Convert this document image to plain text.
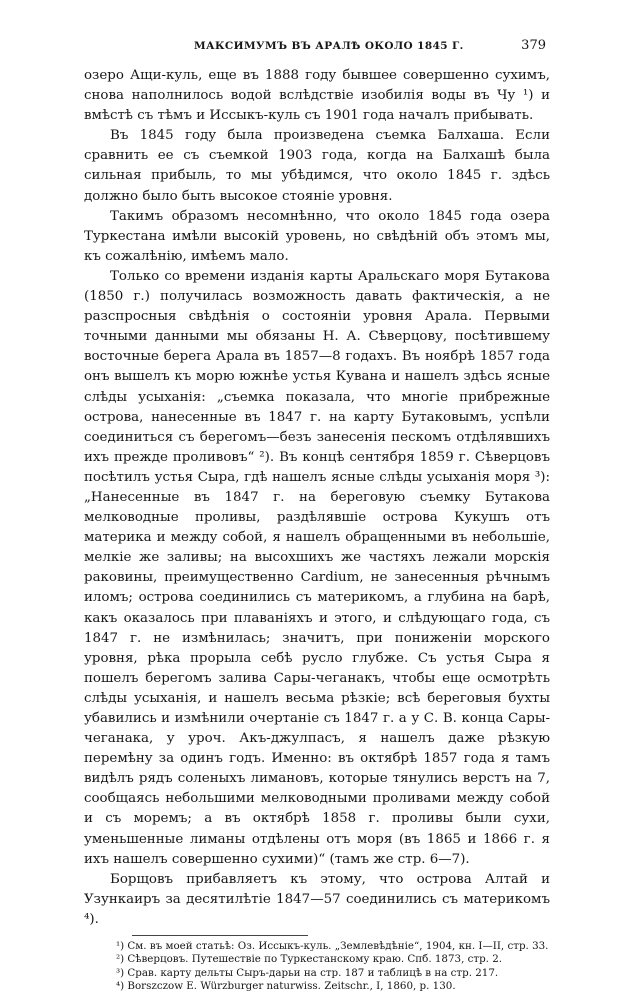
МАКСИМУМЪ ВЪ АРАЛѢ ОКОЛО 1845 Г.	379

озеро Ащи-куль, еще въ 1888 году бывшее совершенно сухимъ, снова наполнилось водой вслѣдствіе изобилія воды въ Чу ¹) и вмѣстѣ съ тѣмъ и Иссыкъ-куль съ 1901 года началъ прибывать.

Въ 1845 году была произведена съемка Балхаша. Если сравнить ее съ съемкой 1903 года, когда на Балхашѣ была сильная прибыль, то мы убѣдимся, что около 1845 г. здѣсь должно было быть высокое стояніе уровня.

Такимъ образомъ несомнѣнно, что около 1845 года озера Туркестана имѣли высокій уровень, но свѣдѣній объ этомъ мы, къ сожалѣнію, имѣемъ мало.

Только со времени изданія карты Аральскаго моря Бутакова (1850 г.) получилась возможность давать фактическія, а не разспросныя свѣдѣнія о состояніи уровня Арала. Первыми точными данными мы обязаны Н. А. Сѣверцову, посѣтившему восточные берега Арала въ 1857—8 годахъ. Въ ноябрѣ 1857 года онъ вышелъ къ морю южнѣе устья Кувана и нашелъ здѣсь ясные слѣды усыханія: „съемка показала, что многіе прибрежные острова, нанесенные въ 1847 г. на карту Бутаковымъ, успѣли соединиться съ берегомъ—безъ занесенія пескомъ отдѣлявшихъ ихъ прежде проливовъ“ ²). Въ концѣ сентября 1859 г. Сѣверцовъ посѣтилъ устья Сыра, гдѣ нашелъ ясные слѣды усыханія моря ³): „Нанесенные въ 1847 г. на береговую съемку Бутакова мелководные проливы, раздѣлявшіе острова Кукушъ отъ материка и между собой, я нашелъ обращенными въ небольшіе, мелкіе же заливы; на высохшихъ же частяхъ лежали морскія раковины, преимущественно Cardium, не занесенныя рѣчнымъ иломъ; острова соединились съ материкомъ, а глубина на барѣ, какъ оказалось при плаваніяхъ и этого, и слѣдующаго года, съ 1847 г. не измѣнилась; значитъ, при пониженіи морского уровня, рѣка прорыла себѣ русло глубже. Съ устья Сыра я пошелъ берегомъ залива Сары-чеганакъ, чтобы еще осмотрѣть слѣды усыханія, и нашелъ весьма рѣзкіе; всѣ береговыя бухты убавились и измѣнили очертаніе съ 1847 г. а у С. В. конца Сары-чеганака, у уроч. Акъ-джулпасъ, я нашелъ даже рѣзкую перемѣну за одинъ годъ. Именно: въ октябрѣ 1857 года я тамъ видѣлъ рядъ соленыхъ лимановъ, которые тянулись верстъ на 7, сообщаясь небольшими мелководными проливами между собой и съ моремъ; а въ октябрѣ 1858 г. проливы были сухи, уменьшенные лиманы отдѣлены отъ моря (въ 1865 и 1866 г. я ихъ нашелъ совершенно сухими)“ (тамъ же стр. 6—7).

Борщовъ прибавляетъ къ этому, что острова Алтай и Узункаиръ за десятилѣтіе 1847—57 соединились съ материкомъ ⁴).

¹) См. въ моей статьѣ: Оз. Иссыкъ-куль. „Землевѣдѣніе“, 1904, кн. I—II, стр. 33.

²) Сѣверцовъ. Путешествіе по Туркестанскому краю. Спб. 1873, стр. 2.

³) Срав. карту дельты Сыръ-дарьи на стр. 187 и таблицѣ в на стр. 217.

⁴) Borszczow E. Würzburger naturwiss. Zeitschr., I, 1860, p. 130.
